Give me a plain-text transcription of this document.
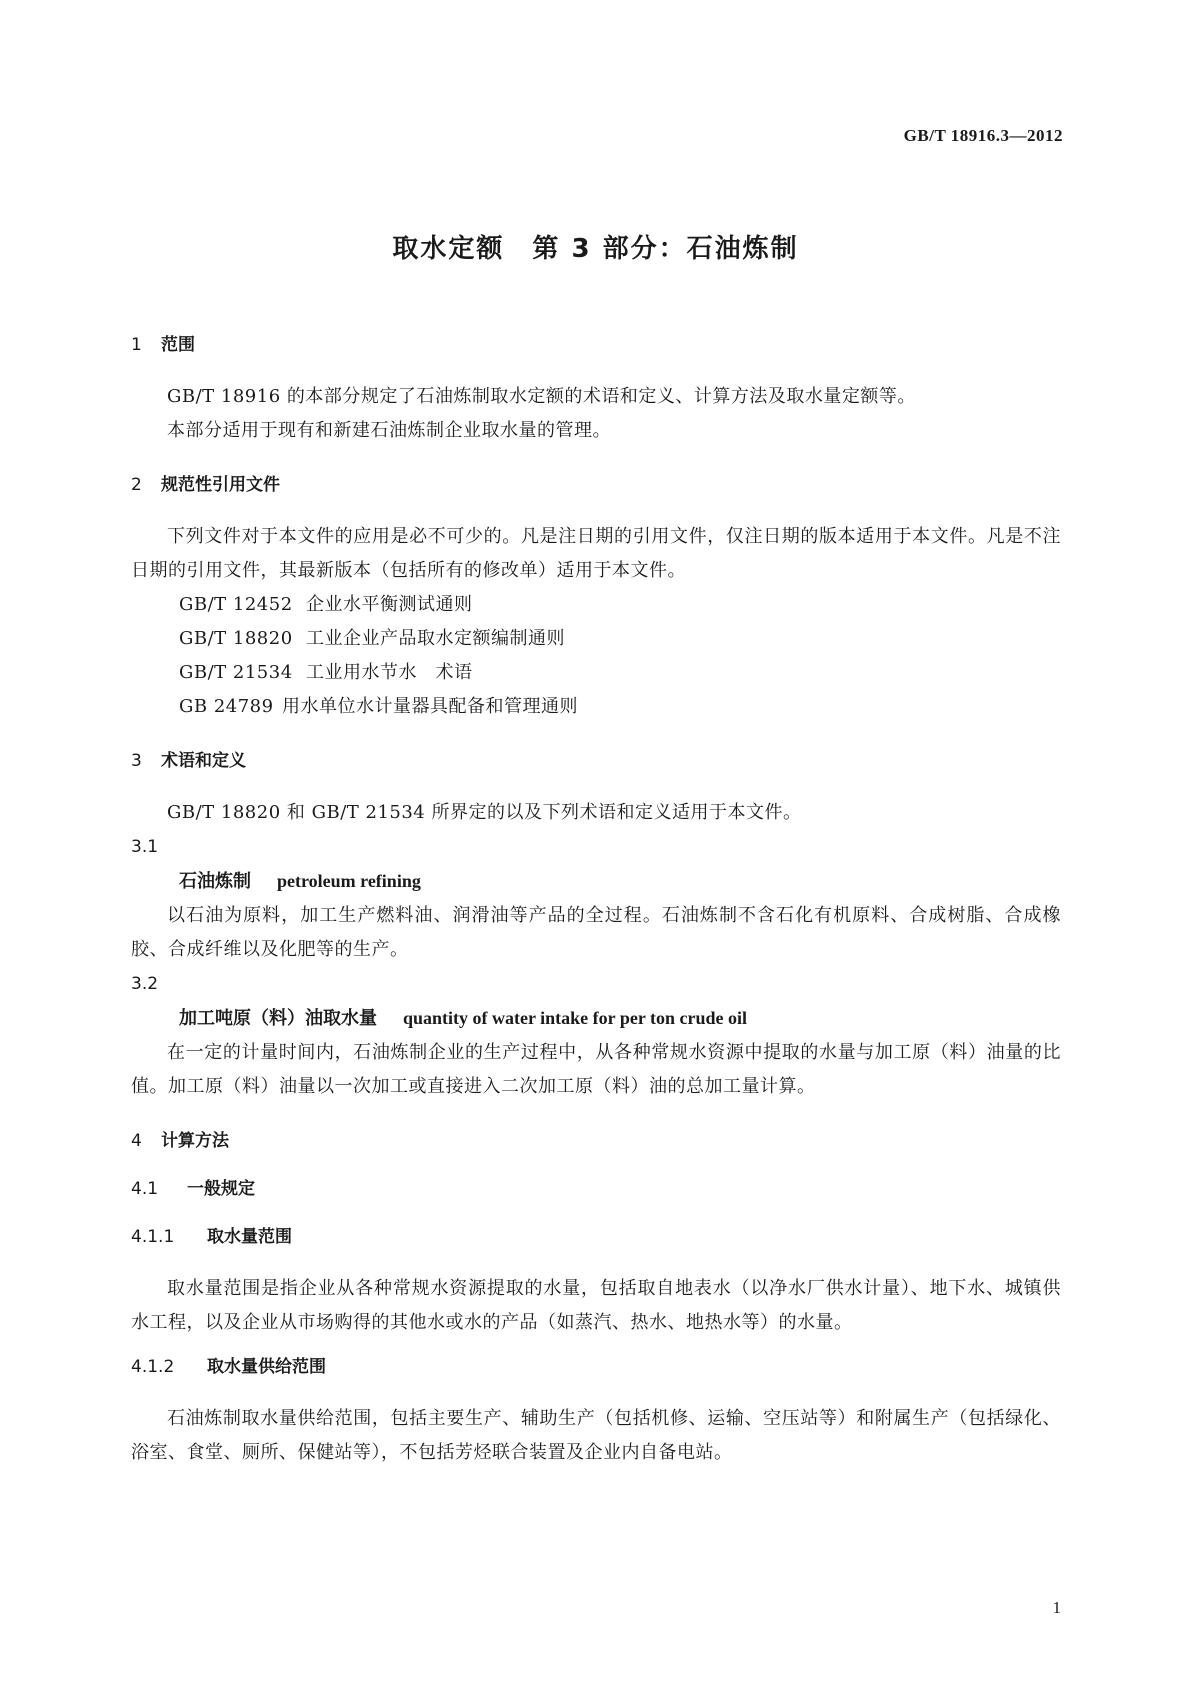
GB/T 18916.3—2012
取水定额　第 3 部分：石油炼制
1 范围

GB/T 18916 的本部分规定了石油炼制取水定额的术语和定义、计算方法及取水量定额等。

本部分适用于现有和新建石油炼制企业取水量的管理。

2 规范性引用文件

下列文件对于本文件的应用是必不可少的。凡是注日期的引用文件，仅注日期的版本适用于本文件。凡是不注日期的引用文件，其最新版本（包括所有的修改单）适用于本文件。

GB/T 12452 企业水平衡测试通则

GB/T 18820 工业企业产品取水定额编制通则

GB/T 21534 工业用水节水　术语

GB 24789 用水单位水计量器具配备和管理通则

3 术语和定义

GB/T 18820 和 GB/T 21534 所界定的以及下列术语和定义适用于本文件。

3.1

石油炼制 petroleum refining

以石油为原料，加工生产燃料油、润滑油等产品的全过程。石油炼制不含石化有机原料、合成树脂、合成橡胶、合成纤维以及化肥等的生产。

3.2

加工吨原（料）油取水量 quantity of water intake for per ton crude oil

在一定的计量时间内，石油炼制企业的生产过程中，从各种常规水资源中提取的水量与加工原（料）油量的比值。加工原（料）油量以一次加工或直接进入二次加工原（料）油的总加工量计算。

4 计算方法
4.1 一般规定
4.1.1 取水量范围

取水量范围是指企业从各种常规水资源提取的水量，包括取自地表水（以净水厂供水计量）、地下水、城镇供水工程，以及企业从市场购得的其他水或水的产品（如蒸汽、热水、地热水等）的水量。

4.1.2 取水量供给范围

石油炼制取水量供给范围，包括主要生产、辅助生产（包括机修、运输、空压站等）和附属生产（包括绿化、浴室、食堂、厕所、保健站等），不包括芳烃联合装置及企业内自备电站。

1
